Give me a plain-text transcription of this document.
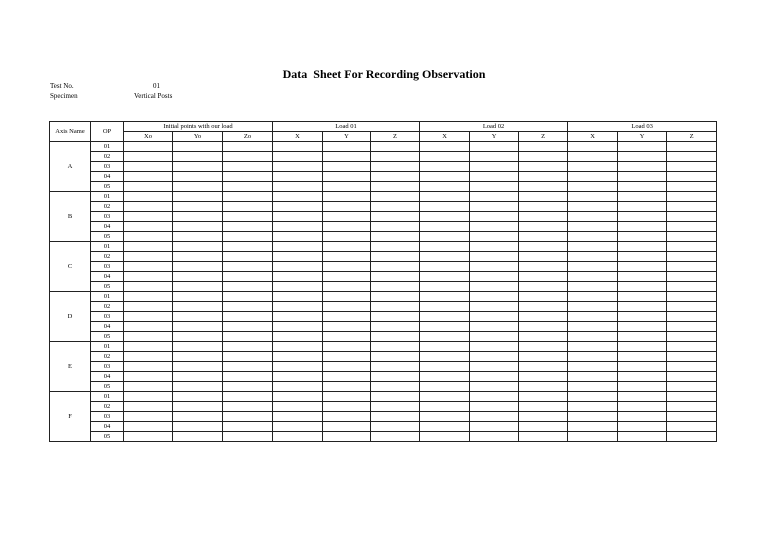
Data  Sheet For Recording Observation
Test No.	01
Specimen	Vertical Posts
Axis Name	OP	Initial points with our load			Load 01			Load 02			Load 03		
		Xo	Yo	Zo	X	Y	Z	X	Y	Z	X	Y	Z
A	01												
	02												
	03												
	04												
	05												
B	01												
	02												
	03												
	04												
	05												
C	01												
	02												
	03												
	04												
	05												
D	01												
	02												
	03												
	04												
	05												
E	01												
	02												
	03												
	04												
	05												
F	01												
	02												
	03												
	04												
	05												
